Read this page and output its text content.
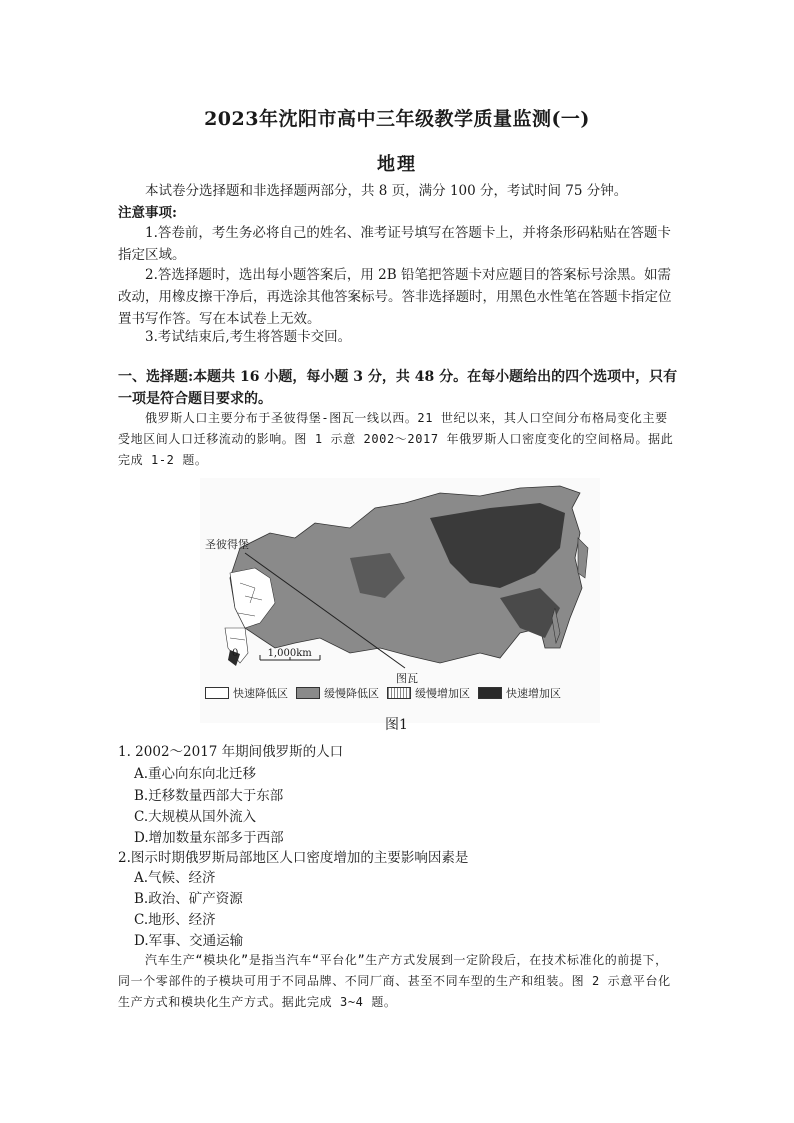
2023年沈阳市高中三年级教学质量监测(一)
地理
本试卷分选择题和非选择题两部分，共 8 页，满分 100 分，考试时间 75 分钟。
注意事项:
1.答卷前，考生务必将自己的姓名、准考证号填写在答题卡上，并将条形码粘贴在答题卡指定区域。
2.答选择题时，选出每小题答案后，用 2B 铅笔把答题卡对应题目的答案标号涂黑。如需改动，用橡皮擦干净后，再选涂其他答案标号。答非选择题时，用黑色水性笔在答题卡指定位置书写作答。写在本试卷上无效。
3.考试结束后,考生将答题卡交回。
一、选择题:本题共 16 小题，每小题 3 分，共 48 分。在每小题给出的四个选项中，只有一项是符合题目要求的。
俄罗斯人口主要分布于圣彼得堡-图瓦一线以西。21 世纪以来，其人口空间分布格局变化主要受地区间人口迁移流动的影响。图 1 示意 2002～2017 年俄罗斯人口密度变化的空间格局。据此完成 1-2 题。
圣彼得堡
图瓦
0	1,000km
快速降低区	缓慢降低区	缓慢增加区	快速增加区
图1
1. 2002～2017 年期间俄罗斯的人口
A.重心向东向北迁移
B.迁移数量西部大于东部
C.大规模从国外流入
D.增加数量东部多于西部
2.图示时期俄罗斯局部地区人口密度增加的主要影响因素是
A.气候、经济
B.政治、矿产资源
C.地形、经济
D.军事、交通运输
汽车生产“模块化”是指当汽车“平台化”生产方式发展到一定阶段后，在技术标准化的前提下，同一个零部件的子模块可用于不同品牌、不同厂商、甚至不同车型的生产和组装。图 2 示意平台化生产方式和模块化生产方式。据此完成 3~4 题。
